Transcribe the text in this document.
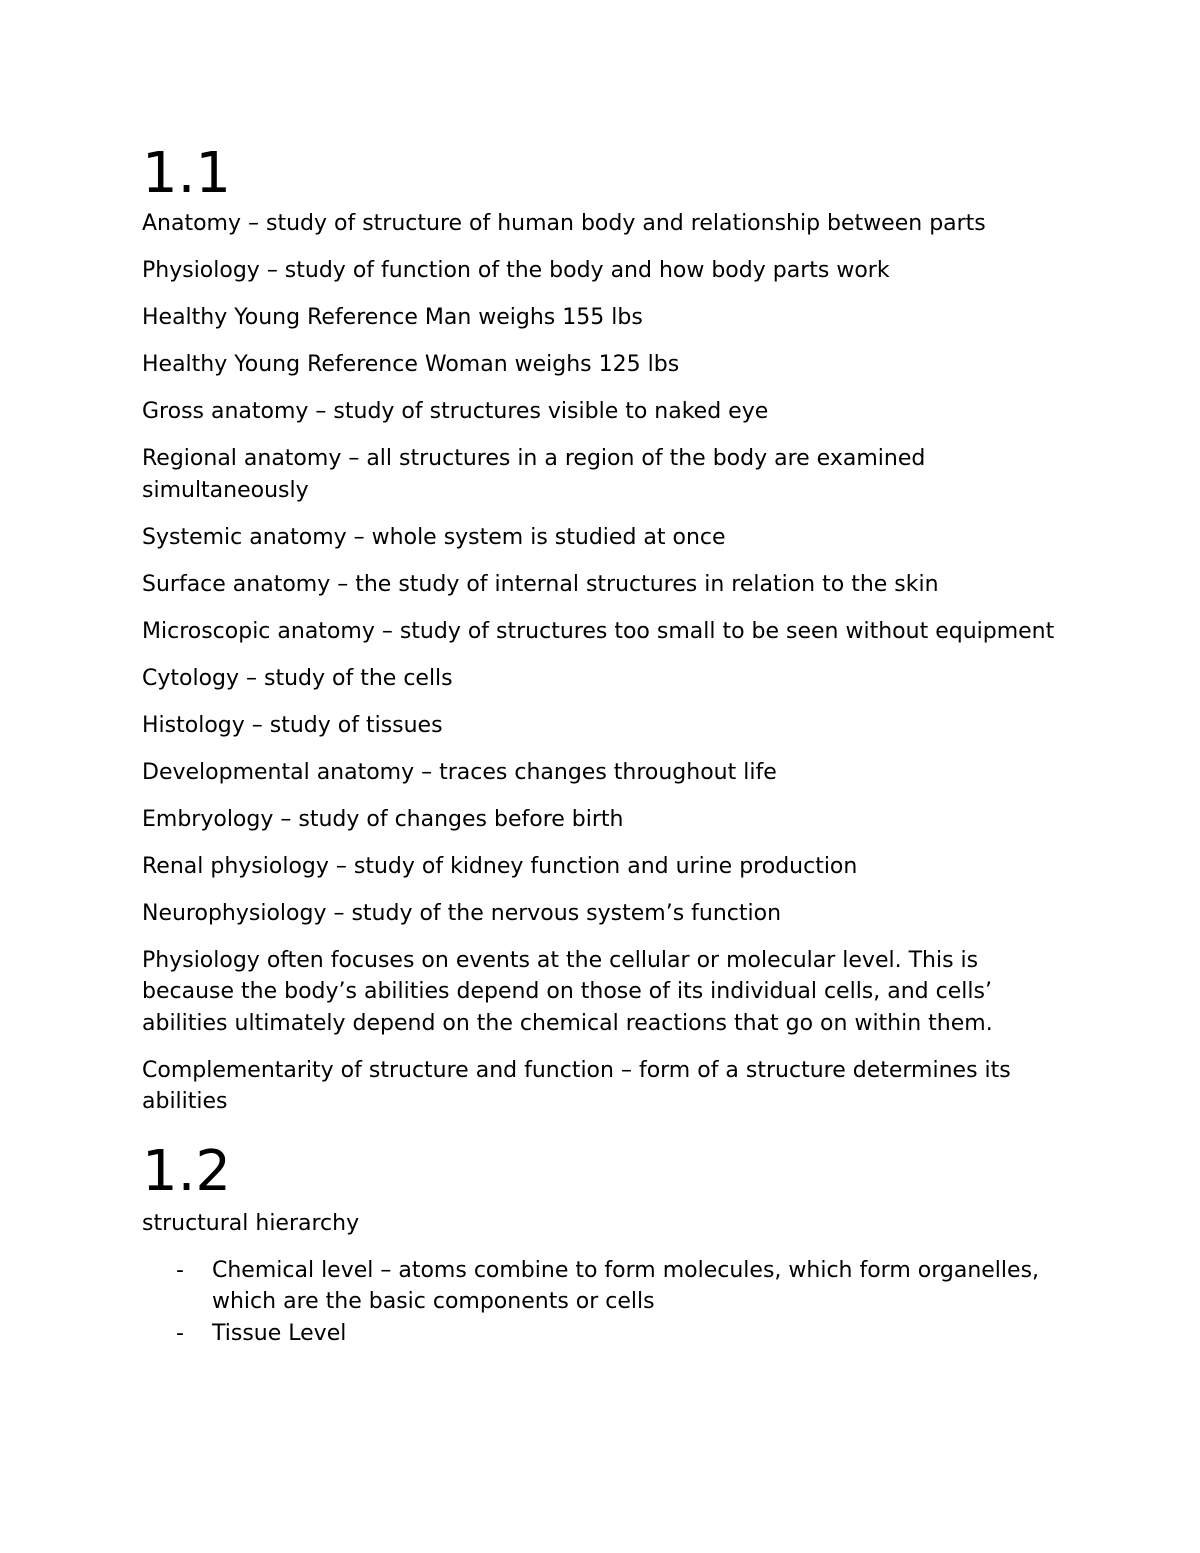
1.1

Anatomy – study of structure of human body and relationship between parts

Physiology – study of function of the body and how body parts work

Healthy Young Reference Man weighs 155 lbs

Healthy Young Reference Woman weighs 125 lbs

Gross anatomy – study of structures visible to naked eye

Regional anatomy – all structures in a region of the body are examined simultaneously

Systemic anatomy – whole system is studied at once

Surface anatomy – the study of internal structures in relation to the skin

Microscopic anatomy – study of structures too small to be seen without equipment

Cytology – study of the cells

Histology – study of tissues

Developmental anatomy – traces changes throughout life

Embryology – study of changes before birth

Renal physiology – study of kidney function and urine production

Neurophysiology – study of the nervous system’s function

Physiology often focuses on events at the cellular or molecular level. This is because the body’s abilities depend on those of its individual cells, and cells’ abilities ultimately depend on the chemical reactions that go on within them.

Complementarity of structure and function – form of a structure determines its abilities

1.2

structural hierarchy

- Chemical level – atoms combine to form molecules, which form organelles, which are the basic components or cells
- Tissue Level
